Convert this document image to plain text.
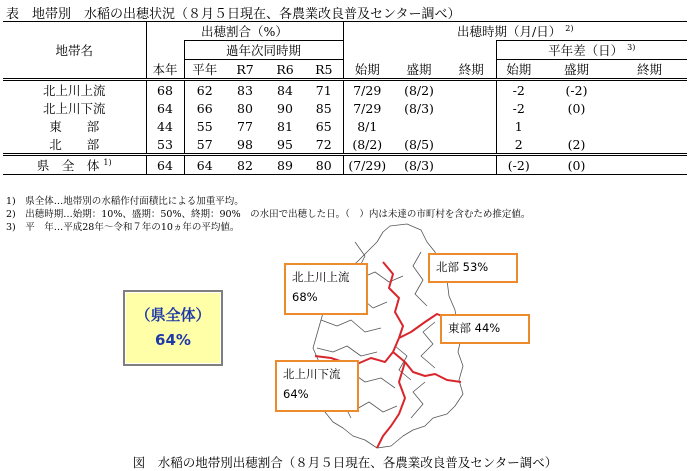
表　地帯別　水稲の出穂状況（８月５日現在、各農業改良普及センター調べ）
地帯名	出穂割合（%）					出穂時期（月/日） $^{2)}$
		過年次同時期							平年差（日） $^{3)}$
	本年	平年	R7	R6	R5	始期	盛期	終期	始期	盛期	終期
北上川上流	68	62	83	84	71	7/29	(8/2)		-2	(-2)	
北上川下流	64	66	80	90	85	7/29	(8/3)		-2	(0)	
東　　部	44	55	77	81	65	8/1			1		
北　　部	53	57	98	95	72	(8/2)	(8/5)		2	(2)	
県　全　体 $^{1)}$	64	64	82	89	80	(7/29)	(8/3)		(-2)	(0)	
1)　県全体…地帯別の水稲作付面積比による加重平均。
2)　出穂時期…始期：10%、盛期：50%、終期：90%　の水田で出穂した日。（　）内は未達の市町村を含むため推定値。
3)　平　年…平成28年～令和７年の10ヵ年の平均値。
（県全体）
64%
北上川上流
68%
北部 53%
東部 44%
北上川下流
64%
図　水稲の地帯別出穂割合（８月５日現在、各農業改良普及センター調べ）
